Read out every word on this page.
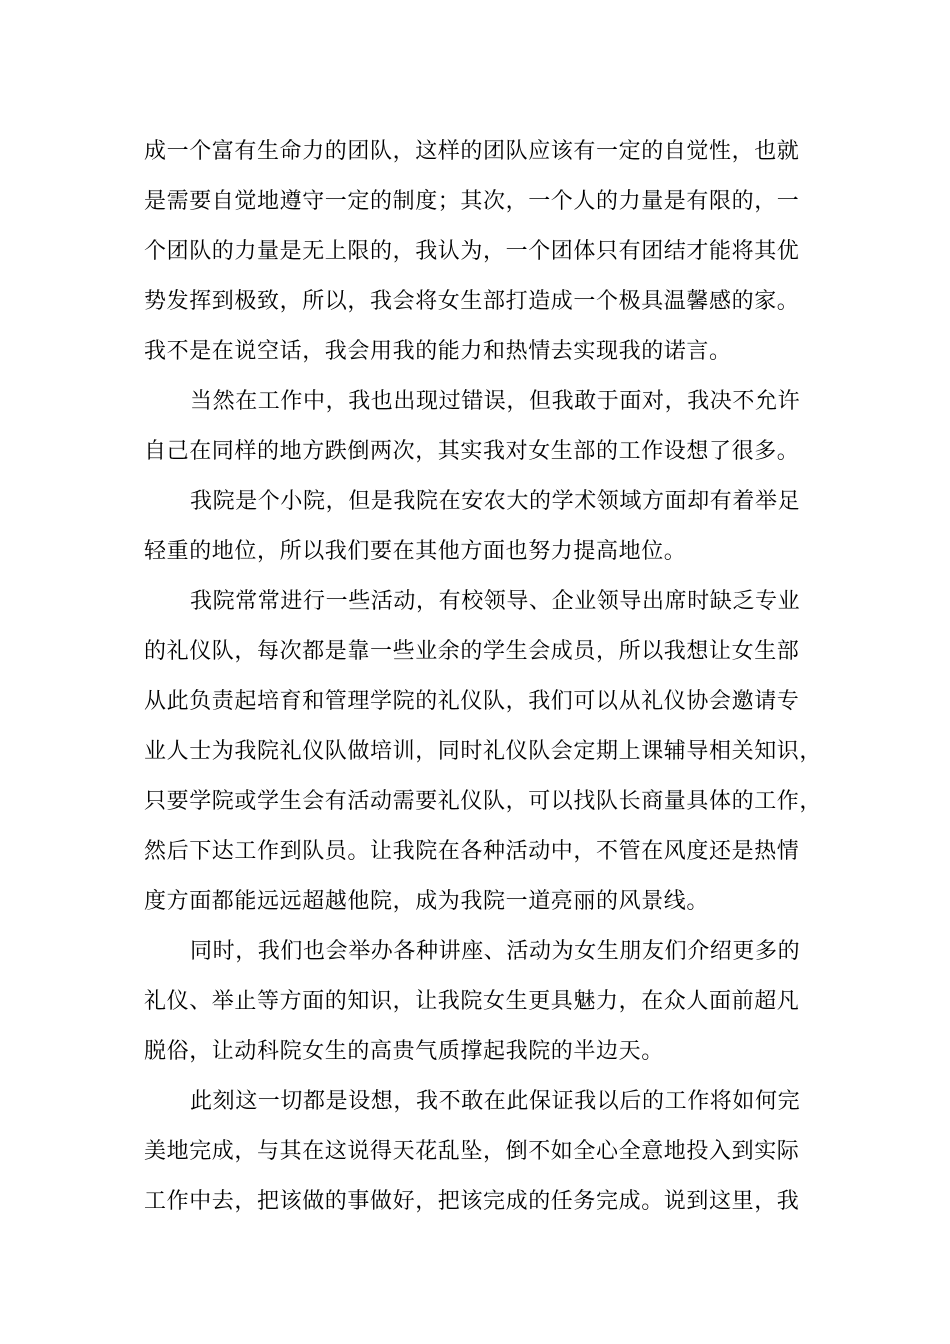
成一个富有生命力的团队，这样的团队应该有一定的自觉性，也就
是需要自觉地遵守一定的制度；其次，一个人的力量是有限的，一
个团队的力量是无上限的，我认为，一个团体只有团结才能将其优
势发挥到极致，所以，我会将女生部打造成一个极具温馨感的家。
我不是在说空话，我会用我的能力和热情去实现我的诺言。
当然在工作中，我也出现过错误，但我敢于面对，我决不允许
自己在同样的地方跌倒两次，其实我对女生部的工作设想了很多。
我院是个小院，但是我院在安农大的学术领域方面却有着举足
轻重的地位，所以我们要在其他方面也努力提高地位。
我院常常进行一些活动，有校领导、企业领导出席时缺乏专业
的礼仪队，每次都是靠一些业余的学生会成员，所以我想让女生部
从此负责起培育和管理学院的礼仪队，我们可以从礼仪协会邀请专
业人士为我院礼仪队做培训，同时礼仪队会定期上课辅导相关知识，
只要学院或学生会有活动需要礼仪队，可以找队长商量具体的工作，
然后下达工作到队员。让我院在各种活动中，不管在风度还是热情
度方面都能远远超越他院，成为我院一道亮丽的风景线。
同时，我们也会举办各种讲座、活动为女生朋友们介绍更多的
礼仪、举止等方面的知识，让我院女生更具魅力，在众人面前超凡
脱俗，让动科院女生的高贵气质撑起我院的半边天。
此刻这一切都是设想，我不敢在此保证我以后的工作将如何完
美地完成，与其在这说得天花乱坠，倒不如全心全意地投入到实际
工作中去，把该做的事做好，把该完成的任务完成。说到这里，我
